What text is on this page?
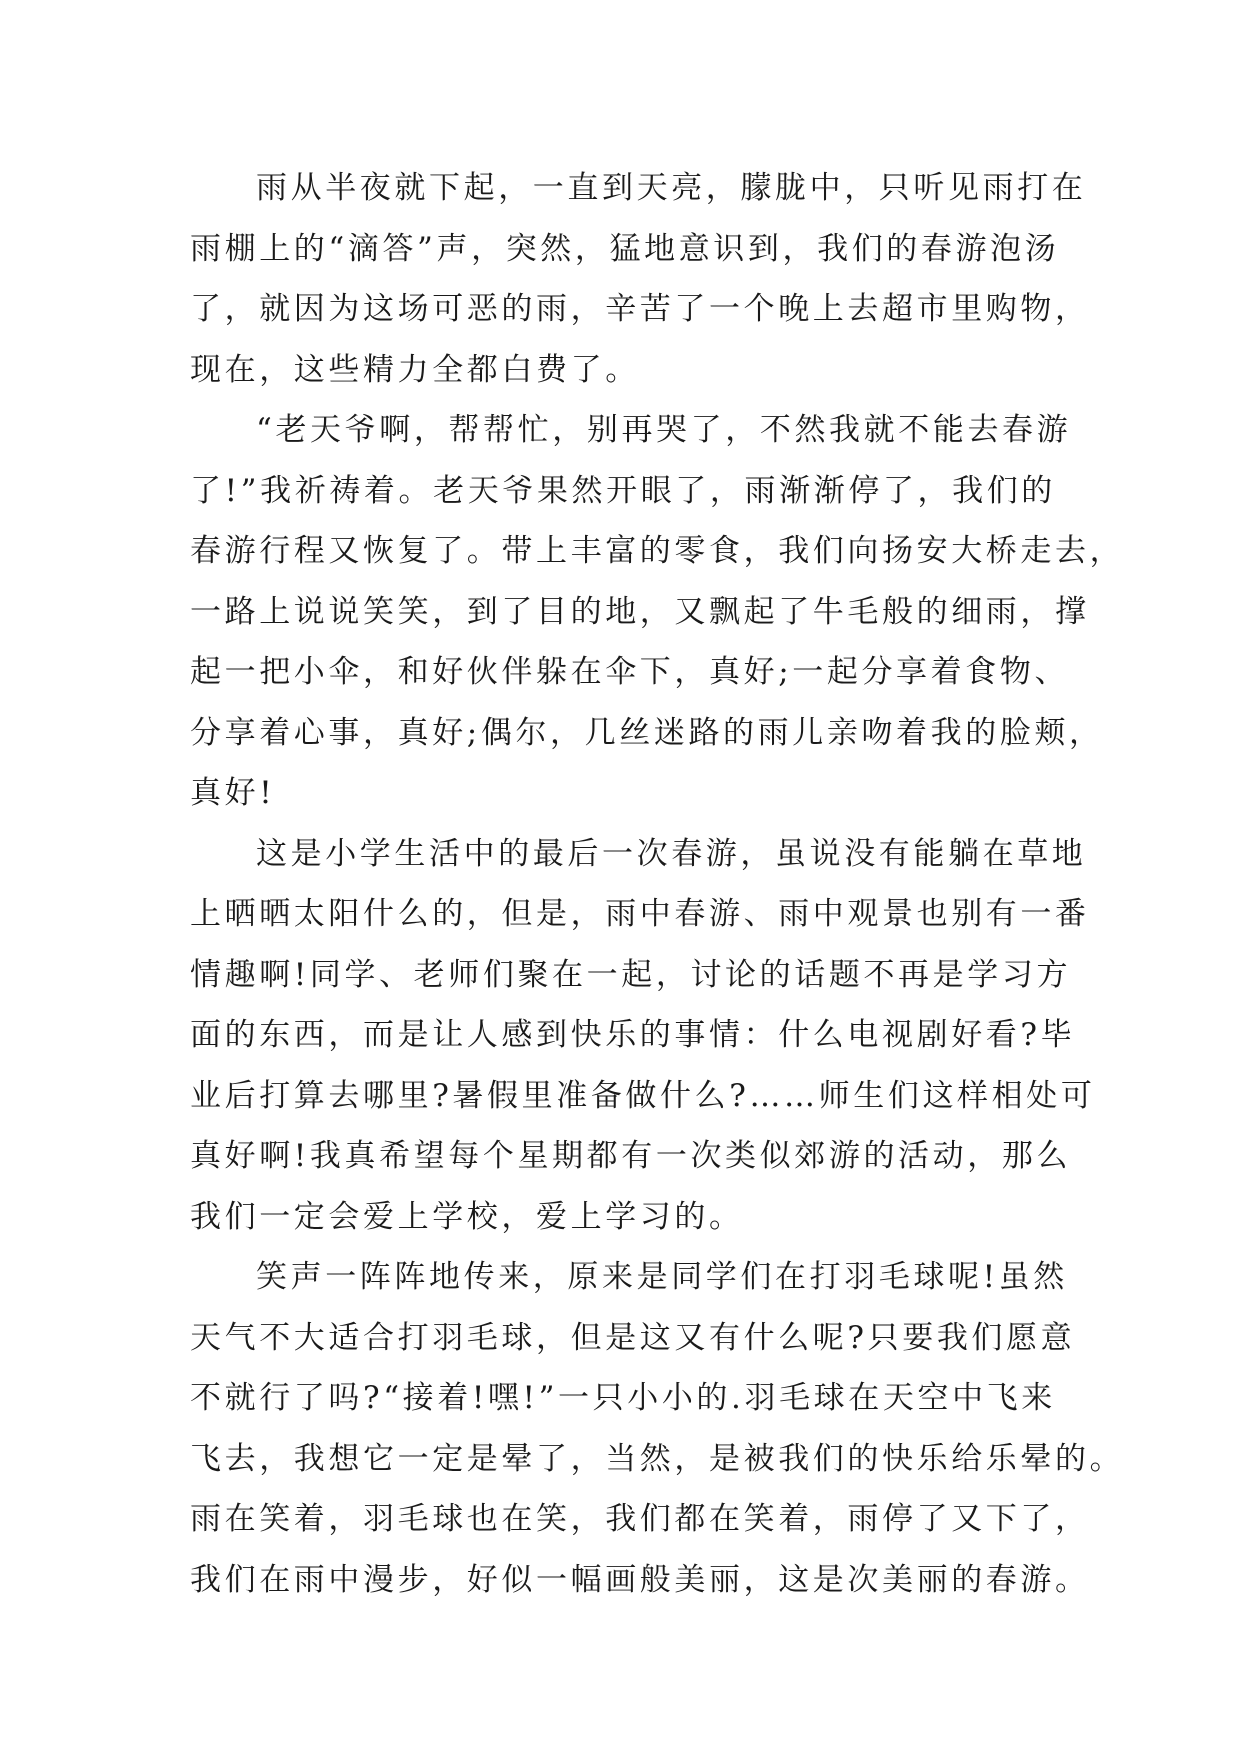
雨从半夜就下起，一直到天亮，朦胧中，只听见雨打在
雨棚上的“滴答”声，突然，猛地意识到，我们的春游泡汤
了，就因为这场可恶的雨，辛苦了一个晚上去超市里购物，
现在，这些精力全都白费了。
“老天爷啊，帮帮忙，别再哭了，不然我就不能去春游
了!”我祈祷着。老天爷果然开眼了，雨渐渐停了，我们的
春游行程又恢复了。带上丰富的零食，我们向扬安大桥走去，
一路上说说笑笑，到了目的地，又飘起了牛毛般的细雨，撑
起一把小伞，和好伙伴躲在伞下，真好;一起分享着食物、
分享着心事，真好;偶尔，几丝迷路的雨儿亲吻着我的脸颊，
真好!
这是小学生活中的最后一次春游，虽说没有能躺在草地
上晒晒太阳什么的，但是，雨中春游、雨中观景也别有一番
情趣啊!同学、老师们聚在一起，讨论的话题不再是学习方
面的东西，而是让人感到快乐的事情：什么电视剧好看?毕
业后打算去哪里?暑假里准备做什么?……师生们这样相处可
真好啊!我真希望每个星期都有一次类似郊游的活动，那么
我们一定会爱上学校，爱上学习的。
笑声一阵阵地传来，原来是同学们在打羽毛球呢!虽然
天气不大适合打羽毛球，但是这又有什么呢?只要我们愿意
不就行了吗?“接着!嘿!”一只小小的.羽毛球在天空中飞来
飞去，我想它一定是晕了，当然，是被我们的快乐给乐晕的。
雨在笑着，羽毛球也在笑，我们都在笑着，雨停了又下了，
我们在雨中漫步，好似一幅画般美丽，这是次美丽的春游。
